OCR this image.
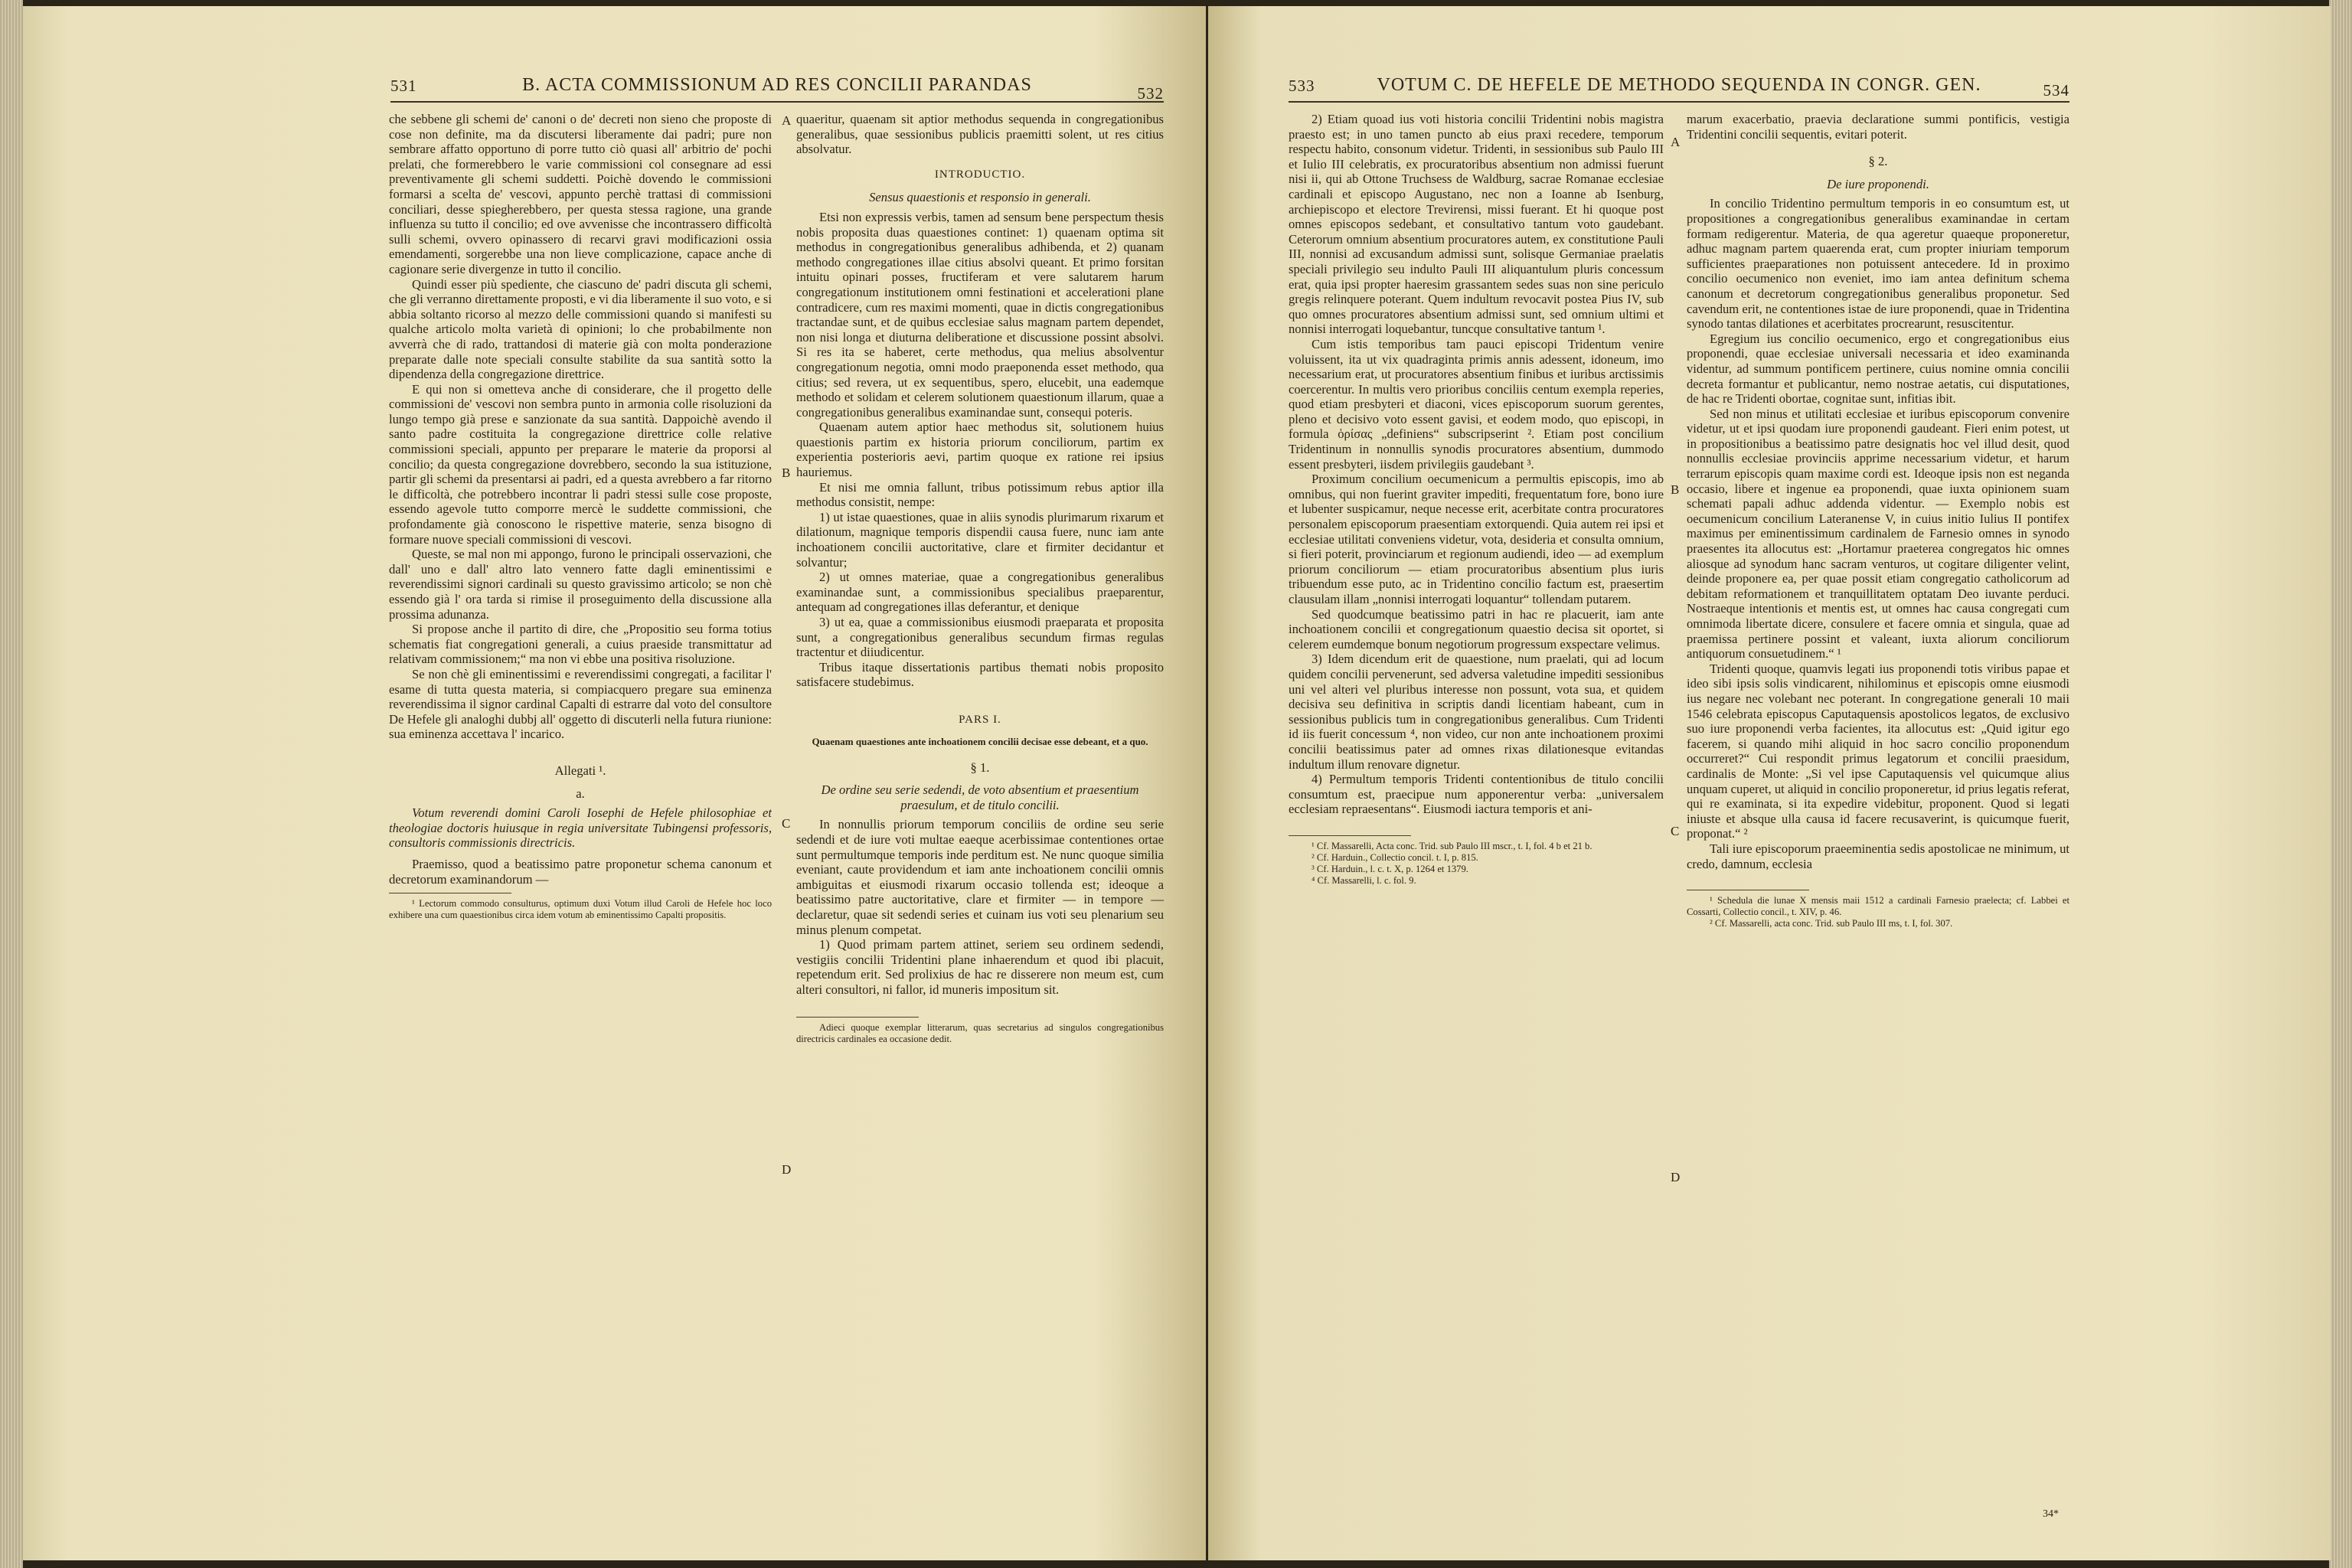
531	B. ACTA COMMISSIONUM AD RES CONCILII PARANDAS	532

che sebbene gli schemi de' canoni o de' decreti non sieno che proposte di cose non definite, ma da discutersi liberamente dai padri; pure non sembrare affatto opportuno di porre tutto ciò quasi all' arbitrio de' pochi prelati, che formerebbero le varie commissioni col consegnare ad essi preventivamente gli schemi suddetti. Poichè dovendo le commissioni formarsi a scelta de' vescovi, appunto perchè trattasi di commissioni conciliari, desse spiegherebbero, per questa stessa ragione, una grande influenza su tutto il concilio; ed ove avvenisse che incontrassero difficoltà sulli schemi, ovvero opinassero di recarvi gravi modificazioni ossia emendamenti, sorgerebbe una non lieve complicazione, capace anche di cagionare serie divergenze in tutto il concilio.

Quindi esser più spediente, che ciascuno de' padri discuta gli schemi, che gli verranno direttamente proposti, e vi dia liberamente il suo voto, e si abbia soltanto ricorso al mezzo delle commissioni quando si manifesti su qualche articolo molta varietà di opinioni; lo che probabilmente non avverrà che di rado, trattandosi di materie già con molta ponderazione preparate dalle note speciali consulte stabilite da sua santità sotto la dipendenza della congregazione direttrice.

E qui non si ometteva anche di considerare, che il progetto delle commissioni de' vescovi non sembra punto in armonia colle risoluzioni da lungo tempo già prese e sanzionate da sua santità. Dappoichè avendo il santo padre costituita la congregazione direttrice colle relative commissioni speciali, appunto per preparare le materie da proporsi al concilio; da questa congregazione dovrebbero, secondo la sua istituzione, partir gli schemi da presentarsi ai padri, ed a questa avrebbero a far ritorno le difficoltà, che potrebbero incontrar li padri stessi sulle cose proposte, essendo agevole tutto comporre mercè le suddette commissioni, che profondamente già conoscono le rispettive materie, senza bisogno di formare nuove speciali commissioni di vescovi.

Queste, se mal non mi appongo, furono le principali osservazioni, che dall' uno e dall' altro lato vennero fatte dagli eminentissimi e reverendissimi signori cardinali su questo gravissimo articolo; se non chè essendo già l' ora tarda si rimise il proseguimento della discussione alla prossima adunanza.

Si propose anche il partito di dire, che „Propositio seu forma totius schematis fiat congregationi generali, a cuius praeside transmittatur ad relativam commissionem;“ ma non vi ebbe una positiva risoluzione.

Se non chè gli eminentissimi e reverendissimi congregati, a facilitar l' esame di tutta questa materia, si compiacquero pregare sua eminenza reverendissima il signor cardinal Capalti di estrarre dal voto del consultore De Hefele gli analoghi dubbj all' oggetto di discuterli nella futura riunione: sua eminenza accettava l' incarico.

Allegati ¹.

a.

Votum reverendi domini Caroli Iosephi de Hefele philosophiae et theologiae doctoris huiusque in regia universitate Tubingensi professoris, consultoris commissionis directricis.

Praemisso, quod a beatissimo patre proponetur schema canonum et decretorum examinandorum —

¹ Lectorum commodo consulturus, optimum duxi Votum illud Caroli de Hefele hoc loco exhibere una cum quaestionibus circa idem votum ab eminentissimo Capalti propositis.

A
B
C
D

quaeritur, quaenam sit aptior methodus sequenda in congregationibus generalibus, quae sessionibus publicis praemitti solent, ut res citius absolvatur.

INTRODUCTIO.

Sensus quaestionis et responsio in generali.

Etsi non expressis verbis, tamen ad sensum bene perspectum thesis nobis proposita duas quaestiones continet: 1) quaenam optima sit methodus in congregationibus generalibus adhibenda, et 2) quanam methodo congregationes illae citius absolvi queant. Et primo forsitan intuitu opinari posses, fructiferam et vere salutarem harum congregationum institutionem omni festinationi et accelerationi plane contradicere, cum res maximi momenti, quae in dictis congregationibus tractandae sunt, et de quibus ecclesiae salus magnam partem dependet, non nisi longa et diuturna deliberatione et discussione possint absolvi. Si res ita se haberet, certe methodus, qua melius absolventur congregationum negotia, omni modo praeponenda esset methodo, qua citius; sed revera, ut ex sequentibus, spero, elucebit, una eademque methodo et solidam et celerem solutionem quaestionum illarum, quae a congregationibus generalibus examinandae sunt, consequi poteris.

Quaenam autem aptior haec methodus sit, solutionem huius quaestionis partim ex historia priorum conciliorum, partim ex experientia posterioris aevi, partim quoque ex ratione rei ipsius hauriemus.

Et nisi me omnia fallunt, tribus potissimum rebus aptior illa methodus consistit, nempe:

1) ut istae quaestiones, quae in aliis synodis plurimarum rixarum et dilationum, magnique temporis dispendii causa fuere, nunc iam ante inchoationem concilii auctoritative, clare et firmiter decidantur et solvantur;

2) ut omnes materiae, quae a congregationibus generalibus examinandae sunt, a commissionibus specialibus praeparentur, antequam ad congregationes illas deferantur, et denique

3) ut ea, quae a commissionibus eiusmodi praeparata et proposita sunt, a congregationibus generalibus secundum firmas regulas tractentur et diiudicentur.

Tribus itaque dissertationis partibus themati nobis proposito satisfacere studebimus.

PARS I.

Quaenam quaestiones ante inchoationem concilii decisae esse debeant, et a quo.

§ 1.

De ordine seu serie sedendi, de voto absentium et praesentium praesulum, et de titulo concilii.

In nonnullis priorum temporum conciliis de ordine seu serie sedendi et de iure voti multae eaeque acerbissimae contentiones ortae sunt permultumque temporis inde perditum est. Ne nunc quoque similia eveniant, caute providendum et iam ante inchoationem concilii omnis ambiguitas et eiusmodi rixarum occasio tollenda est; ideoque a beatissimo patre auctoritative, clare et firmiter — in tempore — declaretur, quae sit sedendi series et cuinam ius voti seu plenarium seu minus plenum competat.

1) Quod primam partem attinet, seriem seu ordinem sedendi, vestigiis concilii Tridentini plane inhaerendum et quod ibi placuit, repetendum erit. Sed prolixius de hac re disserere non meum est, cum alteri consultori, ni fallor, id muneris impositum sit.

Adieci quoque exemplar litterarum, quas secretarius ad singulos congregationibus directricis cardinales ea occasione dedit.

533	VOTUM C. DE HEFELE DE METHODO SEQUENDA IN CONGR. GEN.	534

2) Etiam quoad ius voti historia concilii Tridentini nobis magistra praesto est; in uno tamen puncto ab eius praxi recedere, temporum respectu habito, consonum videtur. Tridenti, in sessionibus sub Paulo III et Iulio III celebratis, ex procuratoribus absentium non admissi fuerunt nisi ii, qui ab Ottone Truchsess de Waldburg, sacrae Romanae ecclesiae cardinali et episcopo Augustano, nec non a Ioanne ab Isenburg, archiepiscopo et electore Trevirensi, missi fuerant. Et hi quoque post omnes episcopos sedebant, et consultativo tantum voto gaudebant. Ceterorum omnium absentium procuratores autem, ex constitutione Pauli III, nonnisi ad excusandum admissi sunt, solisque Germaniae praelatis speciali privilegio seu indulto Pauli III aliquantulum pluris concessum erat, quia ipsi propter haeresim grassantem sedes suas non sine periculo gregis relinquere poterant. Quem indultum revocavit postea Pius IV, sub quo omnes procuratores absentium admissi sunt, sed omnium ultimi et nonnisi interrogati loquebantur, tuncque consultative tantum ¹.

Cum istis temporibus tam pauci episcopi Tridentum venire voluissent, ita ut vix quadraginta primis annis adessent, idoneum, imo necessarium erat, ut procuratores absentium finibus et iuribus arctissimis coercerentur. In multis vero prioribus conciliis centum exempla reperies, quod etiam presbyteri et diaconi, vices episcoporum suorum gerentes, pleno et decisivo voto essent gavisi, et eodem modo, quo episcopi, in formula ὁρίσας „definiens“ subscripserint ². Etiam post concilium Tridentinum in nonnullis synodis procuratores absentium, dummodo essent presbyteri, iisdem privilegiis gaudebant ³.

Proximum concilium oecumenicum a permultis episcopis, imo ab omnibus, qui non fuerint graviter impediti, frequentatum fore, bono iure et lubenter suspicamur, neque necesse erit, acerbitate contra procuratores personalem episcoporum praesentiam extorquendi. Quia autem rei ipsi et ecclesiae utilitati conveniens videtur, vota, desideria et consulta omnium, si fieri poterit, provinciarum et regionum audiendi, ideo — ad exemplum priorum conciliorum — etiam procuratoribus absentium plus iuris tribuendum esse puto, ac in Tridentino concilio factum est, praesertim clausulam illam „nonnisi interrogati loquantur“ tollendam putarem.

Sed quodcumque beatissimo patri in hac re placuerit, iam ante inchoationem concilii et congregationum quaestio decisa sit oportet, si celerem eumdemque bonum negotiorum progressum exspectare velimus.

3) Idem dicendum erit de quaestione, num praelati, qui ad locum quidem concilii pervenerunt, sed adversa valetudine impediti sessionibus uni vel alteri vel pluribus interesse non possunt, vota sua, et quidem decisiva seu definitiva in scriptis dandi licentiam habeant, cum in sessionibus publicis tum in congregationibus generalibus. Cum Tridenti id iis fuerit concessum ⁴, non video, cur non ante inchoationem proximi concilii beatissimus pater ad omnes rixas dilationesque evitandas indultum illum renovare dignetur.

4) Permultum temporis Tridenti contentionibus de titulo concilii consumtum est, praecipue num apponerentur verba: „universalem ecclesiam repraesentans“. Eiusmodi iactura temporis et ani-

¹ Cf. Massarelli, Acta conc. Trid. sub Paulo III mscr., t. I, fol. 4 b et 21 b.

² Cf. Harduin., Collectio concil. t. I, p. 815.

³ Cf. Harduin., l. c. t. X, p. 1264 et 1379.

⁴ Cf. Massarelli, l. c. fol. 9.

A
B
C
D

marum exacerbatio, praevia declaratione summi pontificis, vestigia Tridentini concilii sequentis, evitari poterit.

§ 2.

De iure proponendi.

In concilio Tridentino permultum temporis in eo consumtum est, ut propositiones a congregationibus generalibus examinandae in certam formam redigerentur. Materia, de qua ageretur quaeque proponeretur, adhuc magnam partem quaerenda erat, cum propter iniuriam temporum sufficientes praeparationes non potuissent antecedere. Id in proximo concilio oecumenico non eveniet, imo iam antea definitum schema canonum et decretorum congregationibus generalibus proponetur. Sed cavendum erit, ne contentiones istae de iure proponendi, quae in Tridentina synodo tantas dilationes et acerbitates procrearunt, resuscitentur.

Egregium ius concilio oecumenico, ergo et congregationibus eius proponendi, quae ecclesiae universali necessaria et ideo examinanda videntur, ad summum pontificem pertinere, cuius nomine omnia concilii decreta formantur et publicantur, nemo nostrae aetatis, cui disputationes, de hac re Tridenti obortae, cognitae sunt, infitias ibit.

Sed non minus et utilitati ecclesiae et iuribus episcoporum convenire videtur, ut et ipsi quodam iure proponendi gaudeant. Fieri enim potest, ut in propositionibus a beatissimo patre designatis hoc vel illud desit, quod nonnullis ecclesiae provinciis apprime necessarium videtur, et harum terrarum episcopis quam maxime cordi est. Ideoque ipsis non est neganda occasio, libere et ingenue ea proponendi, quae iuxta opinionem suam schemati papali adhuc addenda videntur. — Exemplo nobis est oecumenicum concilium Lateranense V, in cuius initio Iulius II pontifex maximus per eminentissimum cardinalem de Farnesio omnes in synodo praesentes ita allocutus est: „Hortamur praeterea congregatos hic omnes aliosque ad synodum hanc sacram venturos, ut cogitare diligenter velint, deinde proponere ea, per quae possit etiam congregatio catholicorum ad debitam reformationem et tranquillitatem optatam Deo iuvante perduci. Nostraeque intentionis et mentis est, ut omnes hac causa congregati cum omnimoda libertate dicere, consulere et facere omnia et singula, quae ad praemissa pertinere possint et valeant, iuxta aliorum conciliorum antiquorum consuetudinem.“ ¹

Tridenti quoque, quamvis legati ius proponendi totis viribus papae et ideo sibi ipsis solis vindicarent, nihilominus et episcopis omne eiusmodi ius negare nec volebant nec poterant. In congregatione generali 10 maii 1546 celebrata episcopus Caputaquensis apostolicos legatos, de exclusivo suo iure proponendi verba facientes, ita allocutus est: „Quid igitur ego facerem, si quando mihi aliquid in hoc sacro concilio proponendum occurreret?“ Cui respondit primus legatorum et concilii praesidum, cardinalis de Monte: „Si vel ipse Caputaquensis vel quicumque alius unquam cuperet, ut aliquid in concilio proponeretur, id prius legatis referat, qui re examinata, si ita expedire videbitur, proponent. Quod si legati iniuste et absque ulla causa id facere recusaverint, is quicumque fuerit, proponat.“ ²

Tali iure episcoporum praeeminentia sedis apostolicae ne minimum, ut credo, damnum, ecclesia

¹ Schedula die lunae X mensis maii 1512 a cardinali Farnesio praelecta; cf. Labbei et Cossarti, Collectio concil., t. XIV, p. 46.

² Cf. Massarelli, acta conc. Trid. sub Paulo III ms, t. I, fol. 307.

34*
